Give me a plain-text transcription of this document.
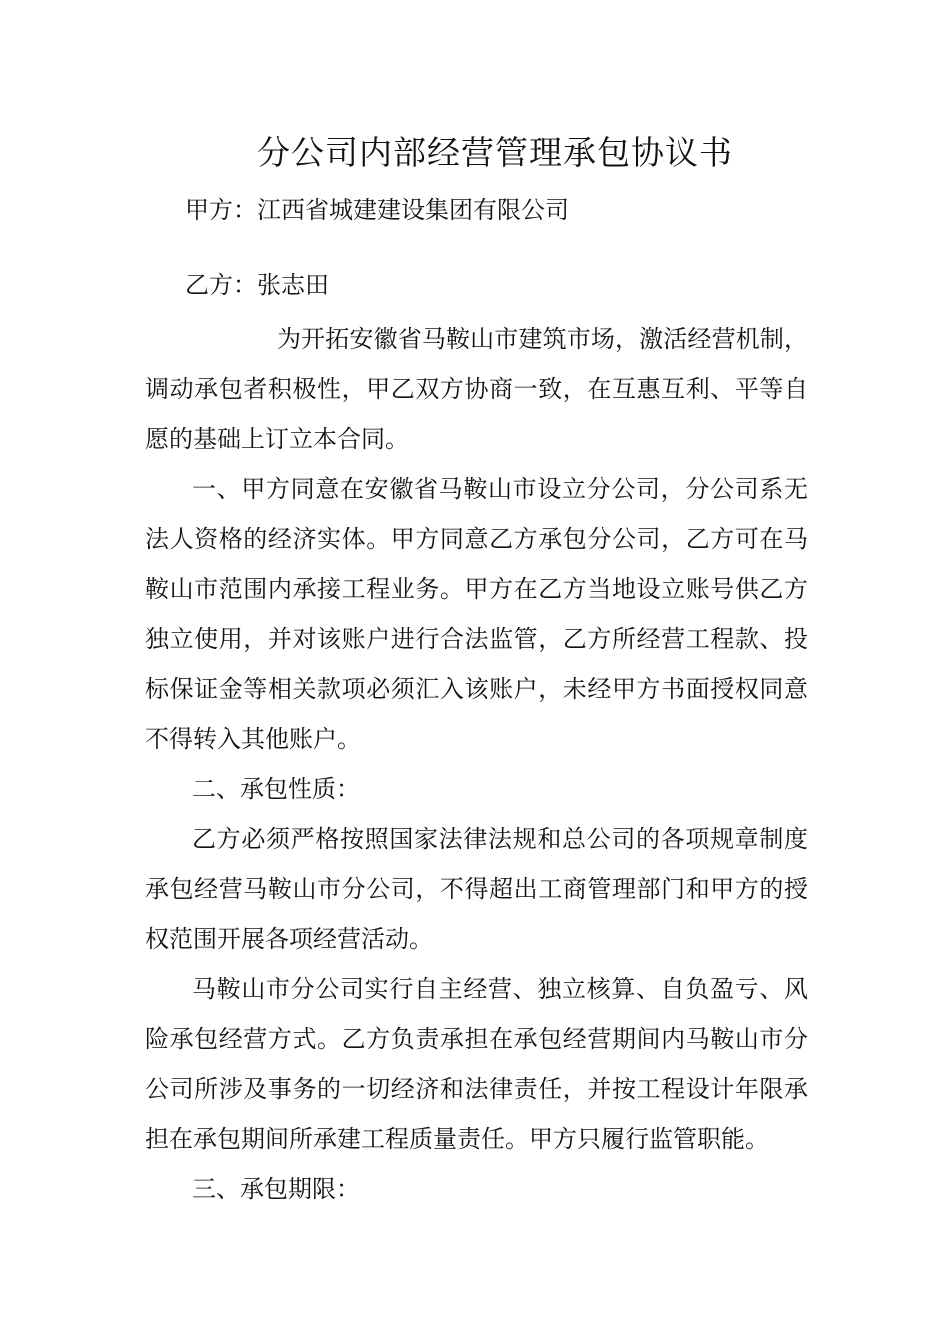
分公司内部经营管理承包协议书
甲方：江西省城建建设集团有限公司
乙方：张志田
为开拓安徽省马鞍山市建筑市场，激活经营机制，调动承包者积极性，甲乙双方协商一致，在互惠互利、平等自愿的基础上订立本合同。
一、甲方同意在安徽省马鞍山市设立分公司，分公司系无法人资格的经济实体。甲方同意乙方承包分公司，乙方可在马鞍山市范围内承接工程业务。甲方在乙方当地设立账号供乙方独立使用，并对该账户进行合法监管，乙方所经营工程款、投标保证金等相关款项必须汇入该账户，未经甲方书面授权同意不得转入其他账户。
二、承包性质：
乙方必须严格按照国家法律法规和总公司的各项规章制度承包经营马鞍山市分公司，不得超出工商管理部门和甲方的授权范围开展各项经营活动。
马鞍山市分公司实行自主经营、独立核算、自负盈亏、风险承包经营方式。乙方负责承担在承包经营期间内马鞍山市分公司所涉及事务的一切经济和法律责任，并按工程设计年限承担在承包期间所承建工程质量责任。甲方只履行监管职能。
三、承包期限：
